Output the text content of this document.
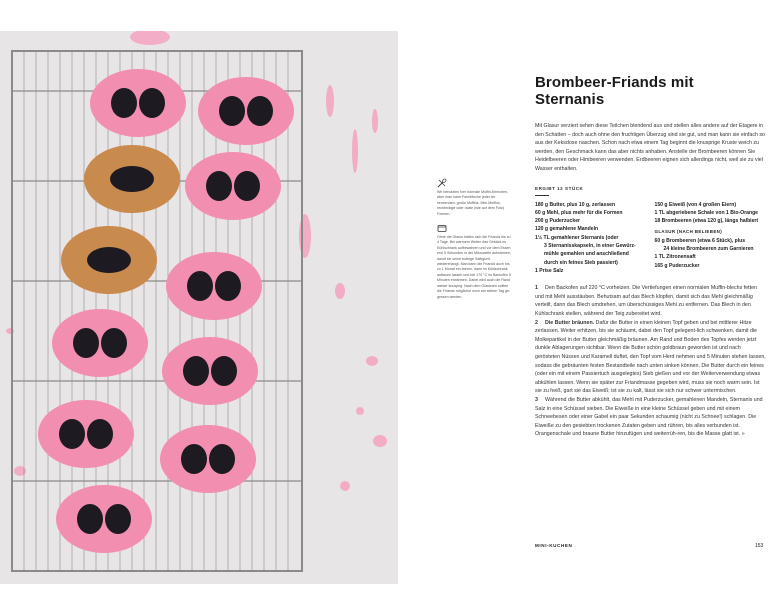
Wir benutzten hier normale Muffin-förmchen, aber man kann Formbleche jeder Art verwenden: große Muffins, Mini-Muffins, rechteckige oder ovale (wie auf dem Foto) Formen.

Ohne die Glasur halten sich die Friands bis zu 4 Tage. Bei warmem Wetter das Gebäck im Kühlschrank aufbewahren und vor dem Essen erst 5 Sekunden in der Mikrowelle aufwärmen, damit sie seine buttrige Saftigkeit wiedererlangt. Man kann die Friands auch bis zu 1 Monat ein-frieren, dann im Kühlschrank auftauen lassen und bei 170 °C im Backofen 5 Minuten erwärmen. Dabei wird auch die Rand wieder knusprig. Nach dem Glasieren sollten die Friands möglichst noch am selben Tag ge-gessen werden.

Brombeer-Friands mit Sternanis

Mit Glasur verziert sehen diese Teilchen blendend aus und stellen alles andere auf der Etagere in den Schatten – doch auch ohne den fruchtigen Überzug sind sie gut, und man kann sie einfach so aus der Keksdose naschen. Schon nach etwa einem Tag beginnt die knusprige Kruste weich zu werden, den Geschmack kann das aber nichts anhaben. Anstelle der Brombeeren können Sie Heidelbeeren oder Himbeeren verwenden. Erdbeeren eignen sich allerdings nicht, weil sie zu viel Wasser enthalten.

ERGIBT 12 STÜCK
180 g Butter, plus 10 g, zerlassen
60 g Mehl, plus mehr für die Formen
200 g Puderzucker
120 g gemahlene Mandeln
1½ TL gemahlener Sternanis (oder
3 Sternanisskapseln, in einer Gewürz-
mühle gemahlen und anschließend
durch ein feines Sieb passiert)
1 Prise Salz
150 g Eiweiß (von 4 großen Eiern)
1 TL abgeriebene Schale von 1 Bio-Orange
18 Brombeeren (etwa 120 g), längs halbiert
GLASUR (NACH BELIEBEN)
60 g Brombeeren (etwa 6 Stück), plus
24 kleine Brombeeren zum Garnieren
1 TL Zitronensaft
165 g Puderzucker

1 Den Backofen auf 220 °C vorheizen. Die Vertiefungen einen normalen Muffin-blechs fetten und mit Mehl ausstäuben. Behutsam auf das Blech klopfen, damit sich das Mehl gleichmäßig verteilt, dann das Blech umdrehen, um überschüssiges Mehl zu entfernen. Das Blech in den Kühlschrank stellen, während der Teig zubereitet wird.

2 Die Butter bräunen. Dafür die Butter in einen kleinen Topf geben und bei mittlerer Hitze zerlassen. Weiter erhitzen, bis sie schäumt, dabei den Topf gelegent-lich schwenken, damit die Molkepartikel in der Butter gleichmäßig bräunen. Am Rand und Boden des Topfes werden jetzt dunkle Ablagerungen sichtbar. Wenn die Butter schön goldbraun geworden ist und nach gerösteten Nüssen und Karamell duftet, den Topf vom Herd nehmen und 5 Minuten stehen lassen, sodass die gebräunten festen Bestandteile nach unten sinken können. Die Butter durch ein feines (oder ein mit einem Passiertuch ausgelegtes) Sieb gießen und vor der Weiterverwendung etwas abkühlen lassen. Wenn sie später zur Friandmasse gegeben wird, muss sie noch warm sein. Ist sie zu heiß, gart sie das Eiweiß; ist sie zu kalt, lässt sie sich nur schwer untermischen.

3 Während die Butter abkühlt, das Mehl mit Puderzucker, gemahlenen Mandeln, Sternanis und Salz in eine Schüssel sieben. Die Eiweiße in eine kleine Schüssel geben und mit einem Schneebesen oder einer Gabel ein paar Sekunden schaumig (nicht zu Schnee!) schlagen. Die Eiweiße zu den gesiebten trockenen Zutaten geben und rühren, bis alles verbunden ist. Orangenschale und braune Butter hinzufügen und weiterrüh-ren, bis die Masse glatt ist. »

MINI-KUCHEN	153
